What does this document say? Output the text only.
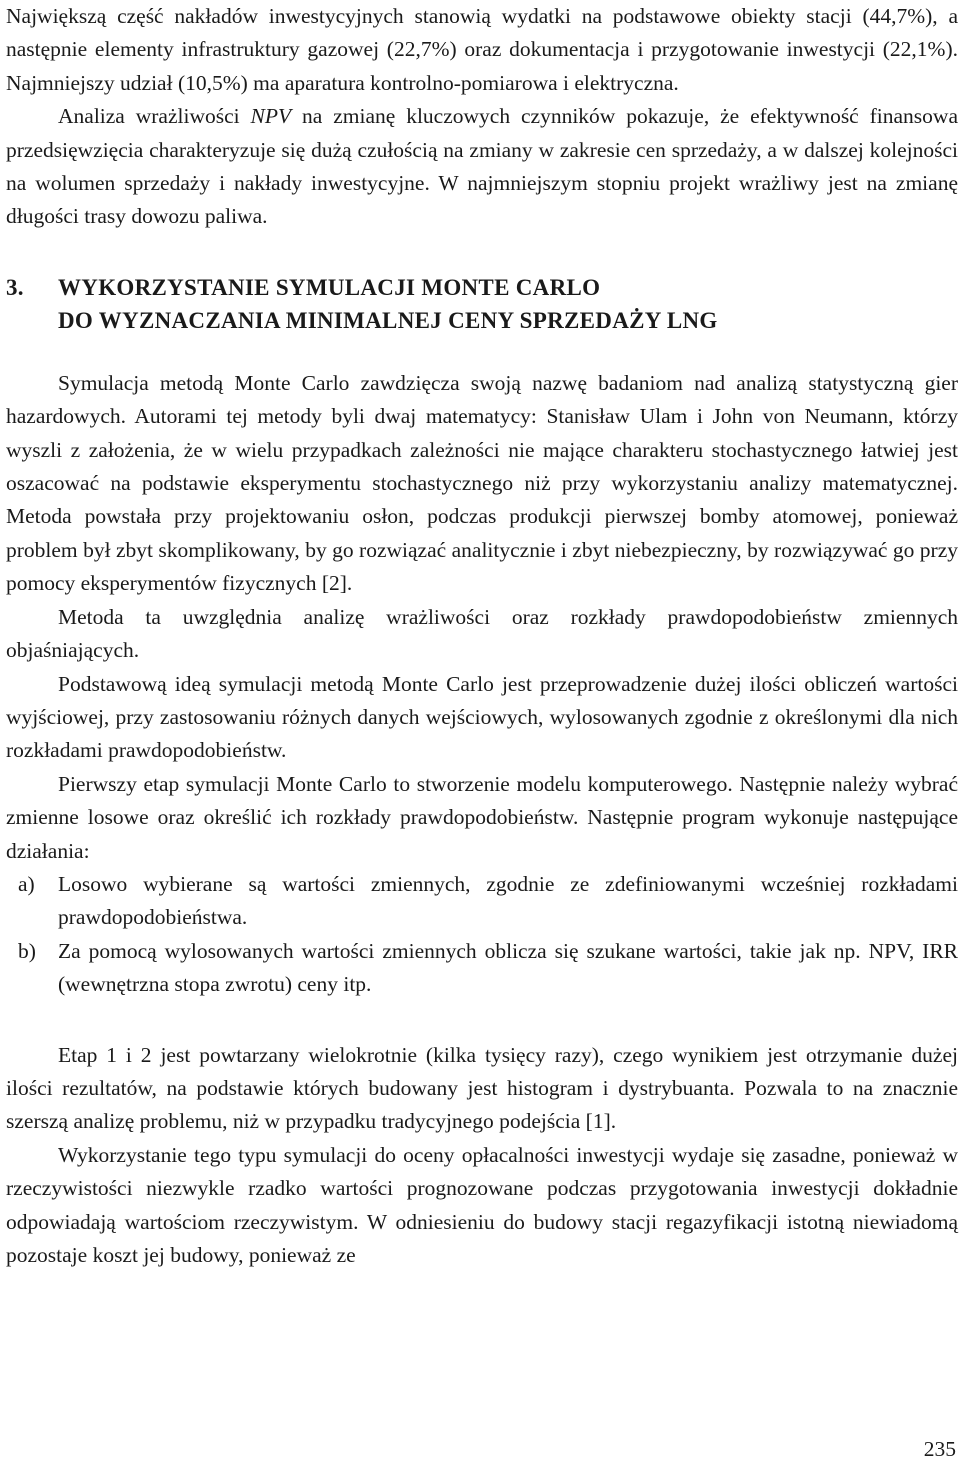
Największą część nakładów inwestycyjnych stanowią wydatki na podstawowe obiekty stacji (44,7%), a następnie elementy infrastruktury gazowej (22,7%) oraz dokumentacja i przygotowanie inwestycji (22,1%). Najmniejszy udział (10,5%) ma aparatura kontrolno-pomiarowa i elektryczna.

Analiza wrażliwości NPV na zmianę kluczowych czynników pokazuje, że efektywność finansowa przedsięwzięcia charakteryzuje się dużą czułością na zmiany w zakresie cen sprzedaży, a w dalszej kolejności na wolumen sprzedaży i nakłady inwestycyjne. W najmniejszym stopniu projekt wrażliwy jest na zmianę długości trasy dowozu paliwa.

3.	WYKORZYSTANIE SYMULACJI MONTE CARLO
DO WYZNACZANIA MINIMALNEJ CENY SPRZEDAŻY LNG

Symulacja metodą Monte Carlo zawdzięcza swoją nazwę badaniom nad analizą statystyczną gier hazardowych. Autorami tej metody byli dwaj matematycy: Stanisław Ulam i John von Neumann, którzy wyszli z założenia, że w wielu przypadkach zależności nie mające charakteru stochastycznego łatwiej jest oszacować na podstawie eksperymentu stochastycznego niż przy wykorzystaniu analizy matematycznej. Metoda powstała przy projektowaniu osłon, podczas produkcji pierwszej bomby atomowej, ponieważ problem był zbyt skomplikowany, by go rozwiązać analitycznie i zbyt niebezpieczny, by rozwiązywać go przy pomocy eksperymentów fizycznych [2].

Metoda ta uwzględnia analizę wrażliwości oraz rozkłady prawdopodobieństw zmiennych objaśniających.

Podstawową ideą symulacji metodą Monte Carlo jest przeprowadzenie dużej ilości obliczeń wartości wyjściowej, przy zastosowaniu różnych danych wejściowych, wylosowanych zgodnie z określonymi dla nich rozkładami prawdopodobieństw.

Pierwszy etap symulacji Monte Carlo to stworzenie modelu komputerowego. Następnie należy wybrać zmienne losowe oraz określić ich rozkłady prawdopodobieństw. Następnie program wykonuje następujące działania:

a)	Losowo wybierane są wartości zmiennych, zgodnie ze zdefiniowanymi wcześniej rozkładami prawdopodobieństwa.
b)	Za pomocą wylosowanych wartości zmiennych oblicza się szukane wartości, takie jak np. NPV, IRR (wewnętrzna stopa zwrotu) ceny itp.

Etap 1 i 2 jest powtarzany wielokrotnie (kilka tysięcy razy), czego wynikiem jest otrzymanie dużej ilości rezultatów, na podstawie których budowany jest histogram i dystrybuanta. Pozwala to na znacznie szerszą analizę problemu, niż w przypadku tradycyjnego podejścia [1].

Wykorzystanie tego typu symulacji do oceny opłacalności inwestycji wydaje się zasadne, ponieważ w rzeczywistości niezwykle rzadko wartości prognozowane podczas przygotowania inwestycji dokładnie odpowiadają wartościom rzeczywistym. W odniesieniu do budowy stacji regazyfikacji istotną niewiadomą pozostaje koszt jej budowy, ponieważ ze

235
